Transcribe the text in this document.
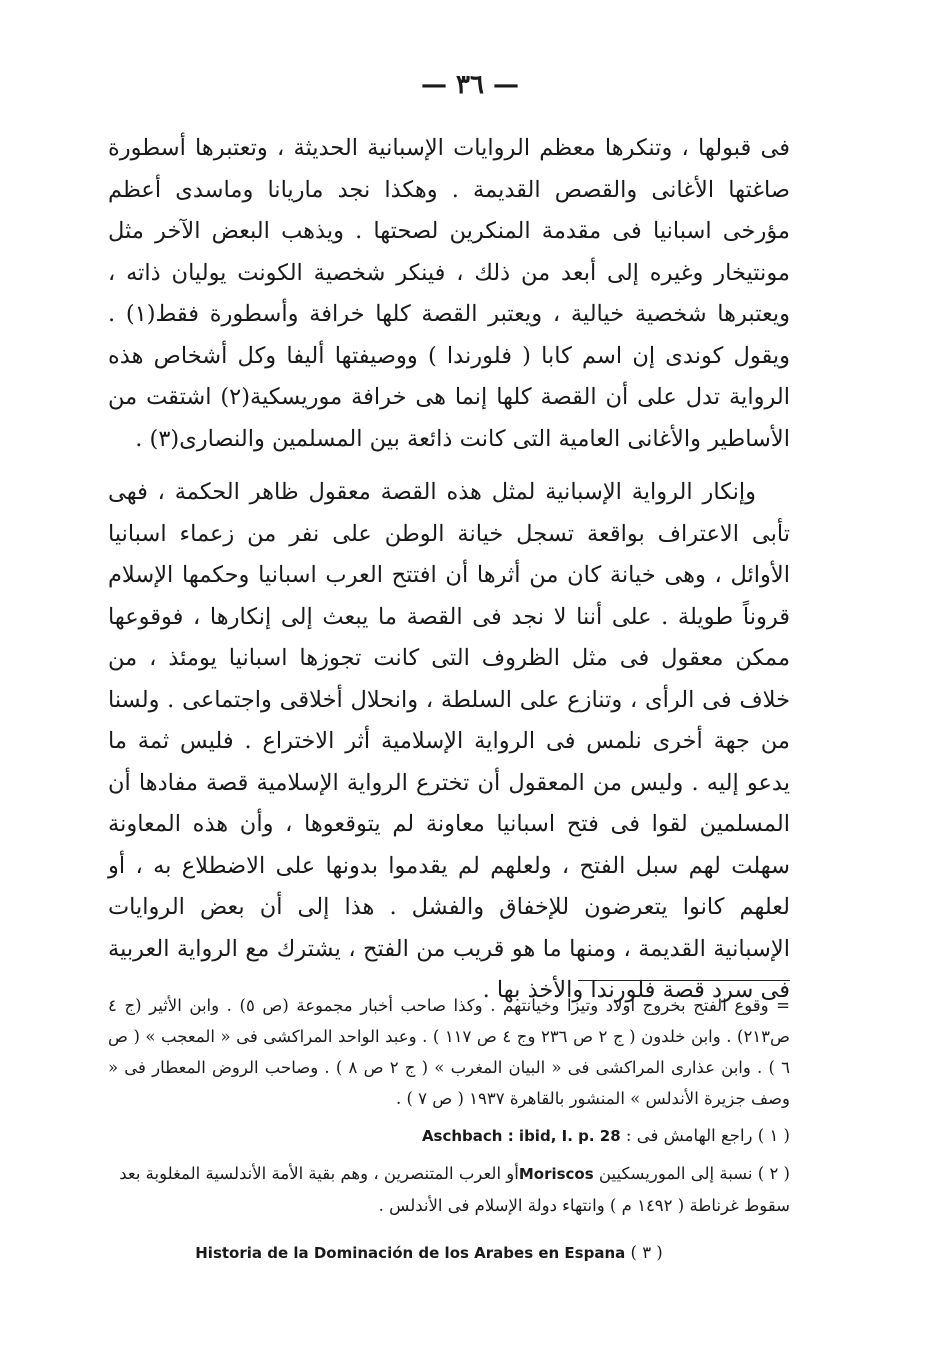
— ٣٦ —

فى قبولها ، وتنكرها معظم الروايات الإسبانية الحديثة ، وتعتبرها أسطورة صاغتها الأغانى والقصص القديمة . وهكذا نجد ماريانا وماسدى أعظم مؤرخى اسبانيا فى مقدمة المنكرين لصحتها . ويذهب البعض الآخر مثل مونتيخار وغيره إلى أبعد من ذلك ، فينكر شخصية الكونت يوليان ذاته ، ويعتبرها شخصية خيالية ، ويعتبر القصة كلها خرافة وأسطورة فقط(١) . ويقول كوندى إن اسم كابا ( فلورندا ) ووصيفتها أليفا وكل أشخاص هذه الرواية تدل على أن القصة كلها إنما هى خرافة موريسكية(٢) اشتقت من الأساطير والأغانى العامية التى كانت ذائعة بين المسلمين والنصارى(٣) .

وإنكار الرواية الإسبانية لمثل هذه القصة معقول ظاهر الحكمة ، فهى تأبى الاعتراف بواقعة تسجل خيانة الوطن على نفر من زعماء اسبانيا الأوائل ، وهى خيانة كان من أثرها أن افتتح العرب اسبانيا وحكمها الإسلام قروناً طويلة . على أننا لا نجد فى القصة ما يبعث إلى إنكارها ، فوقوعها ممكن معقول فى مثل الظروف التى كانت تجوزها اسبانيا يومئذ ، من خلاف فى الرأى ، وتنازع على السلطة ، وانحلال أخلاقى واجتماعى . ولسنا من جهة أخرى نلمس فى الرواية الإسلامية أثر الاختراع . فليس ثمة ما يدعو إليه . وليس من المعقول أن تخترع الرواية الإسلامية قصة مفادها أن المسلمين لقوا فى فتح اسبانيا معاونة لم يتوقعوها ، وأن هذه المعاونة سهلت لهم سبل الفتح ، ولعلهم لم يقدموا بدونها على الاضطلاع به ، أو لعلهم كانوا يتعرضون للإخفاق والفشل . هذا إلى أن بعض الروايات الإسبانية القديمة ، ومنها ما هو قريب من الفتح ، يشترك مع الرواية العربية فى سرد قصة فلورندا والأخذ بها .

= وقوع الفتح بخروج أولاد وتيزا وخيانتهم . وكذا صاحب أخبار مجموعة (ص ٥) . وابن الأثير (ج ٤ ص٢١٣) . وابن خلدون ( ج ٢ ص ٢٣٦ وج ٤ ص ١١٧ ) . وعبد الواحد المراكشى فى « المعجب » ( ص ٦ ) . وابن عذارى المراكشى فى « البيان المغرب » ( ج ٢ ص ٨ ) . وصاحب الروض المعطار فى « وصف جزيرة الأندلس » المنشور بالقاهرة ١٩٣٧ ( ص ٧ ) .
( ١ ) راجع الهامش فى : Aschbach : ibid, I. p. 28
( ٢ ) نسبة إلى الموريسكيين Moriscosأو العرب المتنصرين ، وهم بقية الأمة الأندلسية المغلوبة بعد سقوط غرناطة ( ١٤٩٢ م ) وانتهاء دولة الإسلام فى الأندلس .
( ٣ ) Historia de la Dominación de los Arabes en Espana
